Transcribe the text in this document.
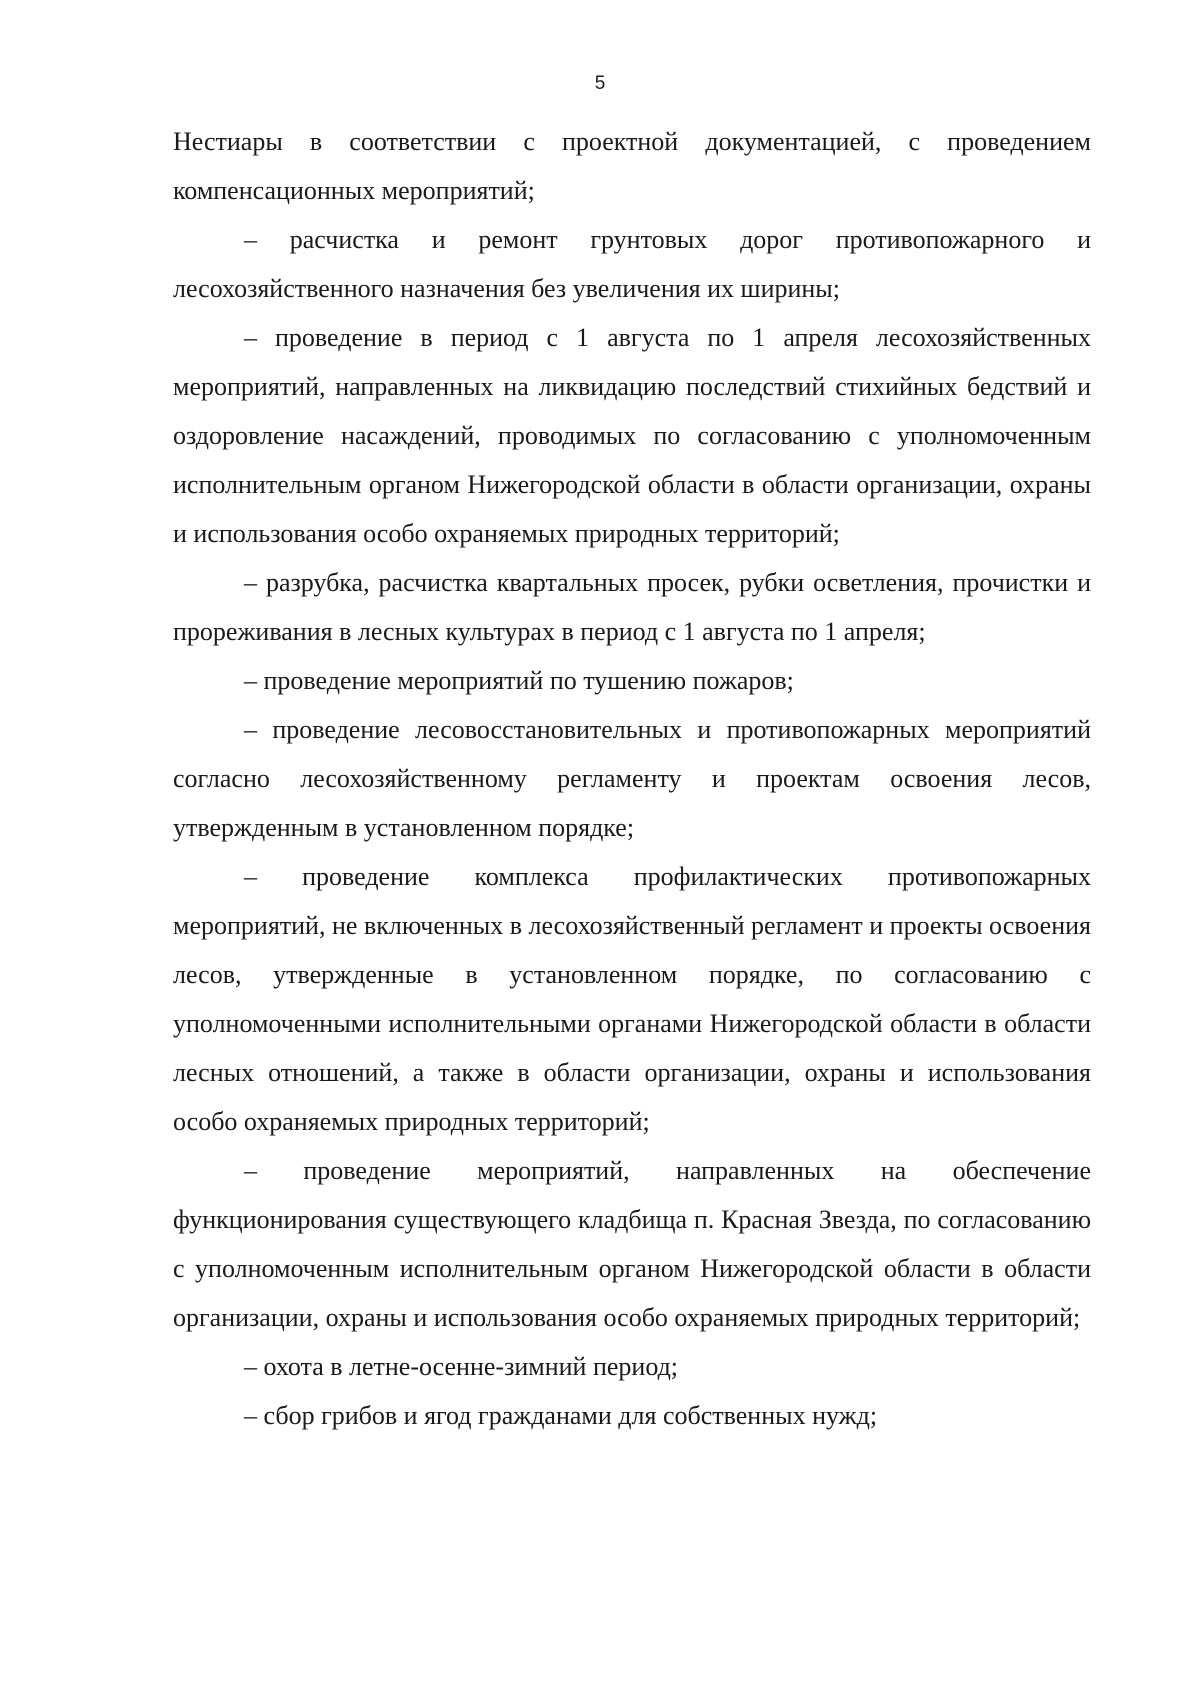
5

Нестиары в соответствии с проектной документацией, с проведением компенсационных мероприятий;

– расчистка и ремонт грунтовых дорог противопожарного и лесохозяйственного назначения без увеличения их ширины;

– проведение в период с 1 августа по 1 апреля лесохозяйственных мероприятий, направленных на ликвидацию последствий стихийных бедствий и оздоровление насаждений, проводимых по согласованию с уполномоченным исполнительным органом Нижегородской области в области организации, охраны и использования особо охраняемых природных территорий;

– разрубка, расчистка квартальных просек, рубки осветления, прочистки и прореживания в лесных культурах в период с 1 августа по 1 апреля;

– проведение мероприятий по тушению пожаров;

– проведение лесовосстановительных и противопожарных мероприятий согласно лесохозяйственному регламенту и проектам освоения лесов, утвержденным в установленном порядке;

– проведение комплекса профилактических противопожарных мероприятий, не включенных в лесохозяйственный регламент и проекты освоения лесов, утвержденные в установленном порядке, по согласованию с уполномоченными исполнительными органами Нижегородской области в области лесных отношений, а также в области организации, охраны и использования особо охраняемых природных территорий;

– проведение мероприятий, направленных на обеспечение функционирования существующего кладбища п. Красная Звезда, по согласованию с уполномоченным исполнительным органом Нижегородской области в области организации, охраны и использования особо охраняемых природных территорий;

– охота в летне-осенне-зимний период;

– сбор грибов и ягод гражданами для собственных нужд;
